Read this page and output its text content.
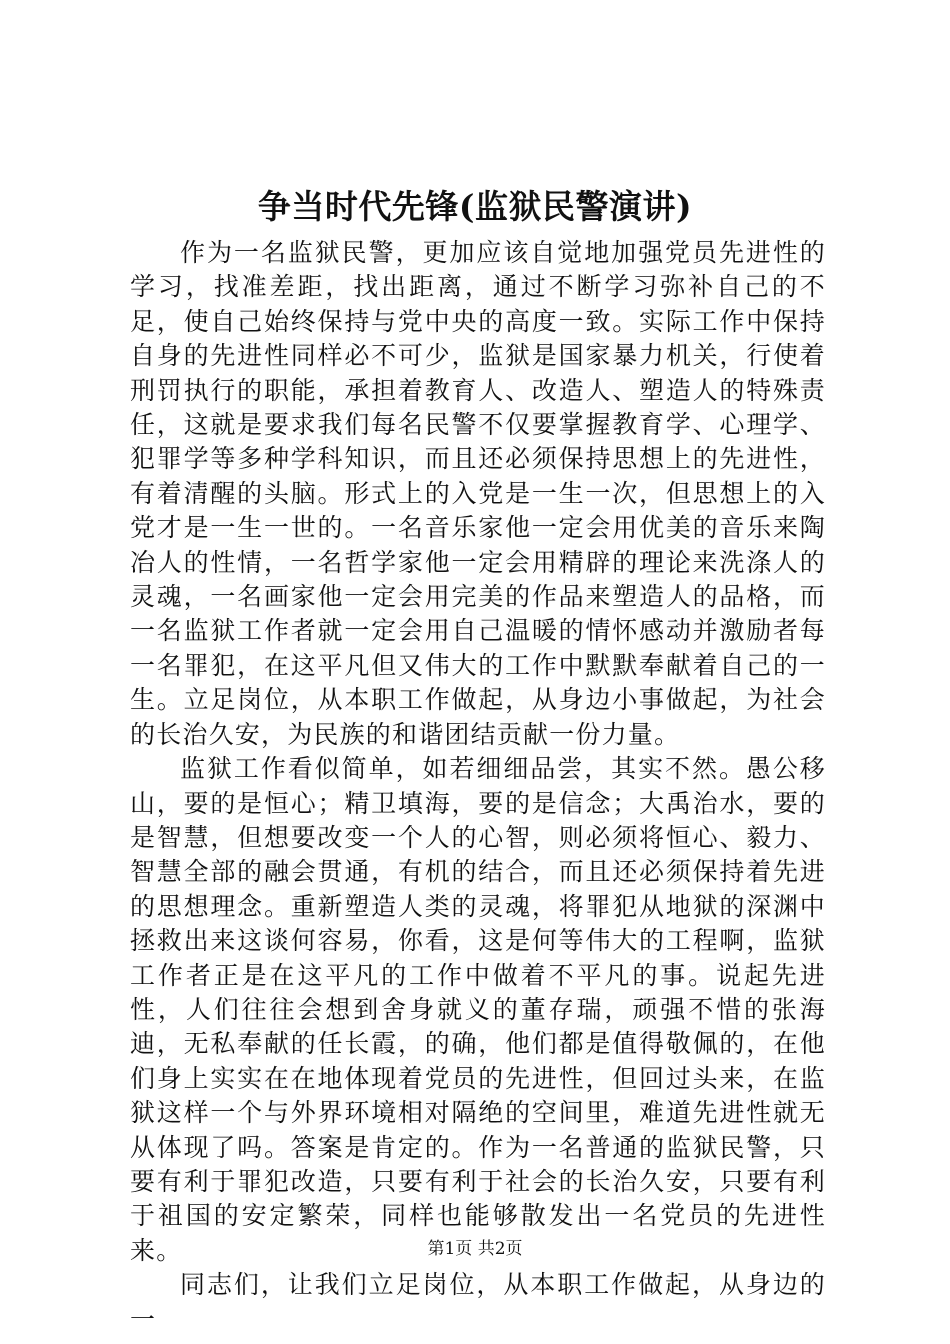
争当时代先锋(监狱民警演讲)

作为一名监狱民警，更加应该自觉地加强党员先进性的学习，找准差距，找出距离，通过不断学习弥补自己的不足，使自己始终保持与党中央的高度一致。实际工作中保持自身的先进性同样必不可少，监狱是国家暴力机关，行使着刑罚执行的职能，承担着教育人、改造人、塑造人的特殊责任，这就是要求我们每名民警不仅要掌握教育学、心理学、犯罪学等多种学科知识，而且还必须保持思想上的先进性，有着清醒的头脑。形式上的入党是一生一次，但思想上的入党才是一生一世的。一名音乐家他一定会用优美的音乐来陶冶人的性情，一名哲学家他一定会用精辟的理论来洗涤人的灵魂，一名画家他一定会用完美的作品来塑造人的品格，而一名监狱工作者就一定会用自己温暖的情怀感动并激励者每一名罪犯，在这平凡但又伟大的工作中默默奉献着自己的一生。立足岗位，从本职工作做起，从身边小事做起，为社会的长治久安，为民族的和谐团结贡献一份力量。

监狱工作看似简单，如若细细品尝，其实不然。愚公移山，要的是恒心；精卫填海，要的是信念；大禹治水，要的是智慧，但想要改变一个人的心智，则必须将恒心、毅力、智慧全部的融会贯通，有机的结合，而且还必须保持着先进的思想理念。重新塑造人类的灵魂，将罪犯从地狱的深渊中拯救出来这谈何容易，你看，这是何等伟大的工程啊，监狱工作者正是在这平凡的工作中做着不平凡的事。说起先进性，人们往往会想到舍身就义的董存瑞，顽强不惜的张海迪，无私奉献的任长霞，的确，他们都是值得敬佩的，在他们身上实实在在地体现着党员的先进性，但回过头来，在监狱这样一个与外界环境相对隔绝的空间里，难道先进性就无从体现了吗。答案是肯定的。作为一名普通的监狱民警，只要有利于罪犯改造，只要有利于社会的长治久安，只要有利于祖国的安定繁荣，同样也能够散发出一名党员的先进性来。

同志们，让我们立足岗位，从本职工作做起，从身边的一

第1页 共2页
